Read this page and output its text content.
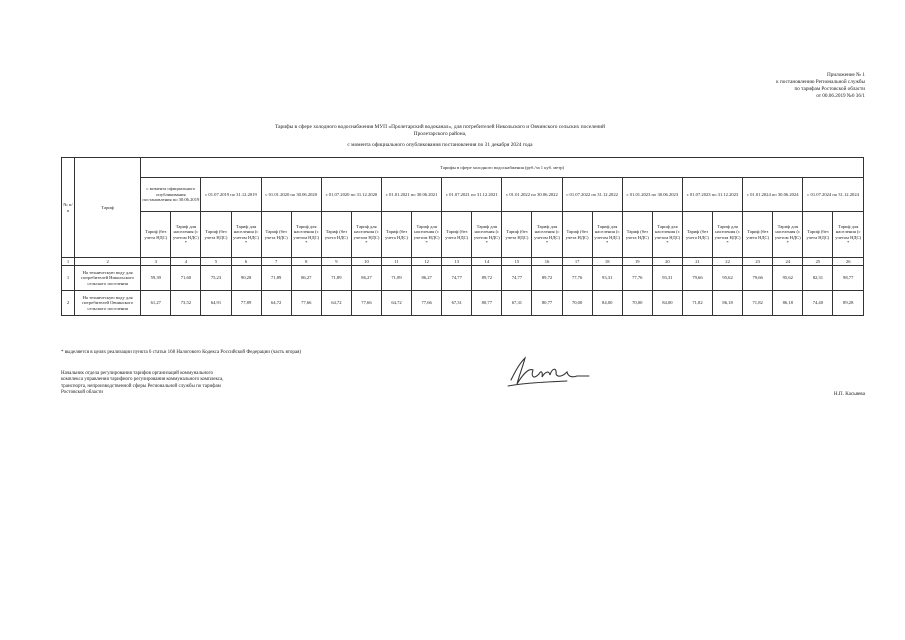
Приложение № 1
к постановлению Региональной службы
по тарифам Ростовской области
от 00.06.2019 №0 36/1
Тарифы в сфере холодного водоснабжения МУП «Пролетарский водоканал», для потребителей Никольского и Овчинского сельских поселений
Пролетарского района,
с момента официального опубликования постановления по 31 декабря 2024 года
№ п/п	Тариф	Тарифы в сфере холодного водоснабжения (руб./за 1 куб. метр)																							
		с момента официального опубликования постановления по 30.06.2019		с 01.07.2019 по 31.12.2019		с 01.01.2020 по 30.06.2020		с 01.07.2020 по 31.12.2020		с 01.01.2021 по 30.06.2021		с 01.07.2021 по 31.12.2021		с 01.01.2022 по 30.06.2022		с 01.07.2022 по 31.12.2022		с 01.01.2023 по 30.06.2023		с 01.07.2023 по 31.12.2023		с 01.01.2024 по 30.06.2024		с 01.07.2024 по 31.12.2024	
		Тариф (без учета НДС)	Тариф для населения (с учетом НДС) *	Тариф (без учета НДС)	Тариф для населения (с учетом НДС) *	Тариф (без учета НДС)	Тариф для населения (с учетом НДС) *	Тариф (без учета НДС)	Тариф для населения (с учетом НДС) *	Тариф (без учета НДС)	Тариф для населения (с учетом НДС) *	Тариф (без учета НДС)	Тариф для населения (с учетом НДС) *	Тариф (без учета НДС)	Тариф для населения (с учетом НДС) *	Тариф (без учета НДС)	Тариф для населения (с учетом НДС) *	Тариф (без учета НДС)	Тариф для населения (с учетом НДС) *	Тариф (без учета НДС)	Тариф для населения (с учетом НДС) *	Тариф (без учета НДС)	Тариф для населения (с учетом НДС) *	Тариф (без учета НДС)	Тариф для населения (с учетом НДС) *
1	2	3	4	5	6	7	8	9	10	11	12	13	14	15	16	17	18	19	20	21	22	23	24	25	26
1	На техническую воду для потребителей Никольского сельского поселения	59,39	71,60	75,23	90,28	71,89	86,27	71,89	86,27	71,89	86,27	74,77	89,72	74,77	89,72	77,76	93,31	77,76	93,31	79,66	95,62	79,66	95,62	82,31	98,77
2	На техническую воду для потребителей Овчинского сельского поселения	61,27	73,52	64,91	77,89	64,72	77,66	64,72	77,66	64,72	77,66	67,31	80,77	67,31	80,77	70,00	84,00	70,00	84,00	71,82	86,18	71,82	86,18	74,40	89,28
* выделяется в целях реализации пункта 6 статьи 168 Налогового Кодекса Российской Федерации (часть вторая)
Начальник отдела регулирования тарифов организаций коммунального
комплекса управления тарифного регулирования коммунального комплекса,
транспорта, непроизводственной сферы Региональной службы по тарифам
Ростовской области	Н.П. Касьяева
